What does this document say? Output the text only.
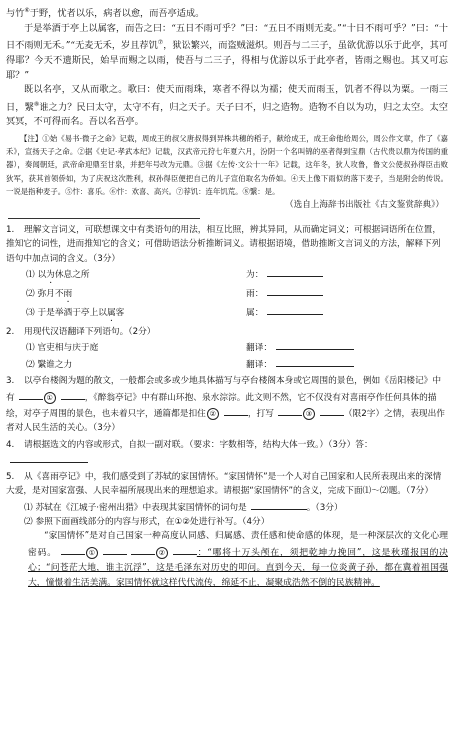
与竹⑥于野，忧者以乐，病者以愈，而吾亭适成。

于是举酒于亭上以属客，而告之曰：“五日不雨可乎？”曰：“五日不雨则无麦。”“十日不雨可乎？”曰：“十日不雨则无禾。”“无麦无禾，岁且荐饥⑦，狱讼繁兴，而盗贼滋炽。则吾与二三子，虽欲优游以乐于此亭，其可得耶？今天不遗斯民，始旱而赐之以雨，使吾与二三子，得相与优游以乐于此亭者，皆雨之赐也。其又可忘耶？”

既以名亭，又从而歌之。歌曰：使天而雨珠，寒者不得以为襦；使天而雨玉，饥者不得以为粟。一雨三日，繄⑧谁之力？民曰太守，太守不有，归之天子。天子曰不，归之造物。造物不自以为功，归之太空。太空冥冥，不可得而名。吾以名吾亭。

【注】①始《易书·微子之命》记载，周成王的叔父唐叔得到异株共穗的稻子，献给成王，成王命他给周公，周公作文章，作了《嘉禾》，宣扬天子之命。②据《史记·孝武本纪》记载，汉武帝元狩七年夏六月，汾阴一个名叫锦的巫者得到宝鼎（古代贵以鼎为传国的重器），奏闻朝廷，武帝命迎鼎至甘泉，并把年号改为元鼎。③据《左传·文公十一年》记载，这年冬，狄人攻鲁，鲁文公使叔孙得臣击败狄军，获其首领侨如，为了庆祝这次胜利，叔孙得臣便把自己的儿子宣伯取名为侨如。④天上像下雨似的落下麦子，当是附会的传说。一说是指种麦子。⑤忭：喜乐。⑥忭：欢喜、高兴。⑦荐饥：连年饥荒。⑧繄：是。

（选自上海辞书出版社《古文鉴赏辞典》）

1. 理解文言词义，可联想课文中有类语句的用法，相互比照，辨其异同，从而确定词义；可根据词语所在位置，推知它的词性，进而推知它的含义；可借助语法分析推断词义。请根据语境，借助推断文言词义的方法，解释下列语句中加点词的含义。（3分）

⑴ 以为休息之所	为：
⑵ 弥月不雨	雨：
⑶ 于是举酒于亭上以属客	属：

2. 用现代汉语翻译下列语句。（2分）

⑴ 官吏相与庆于庭	翻译：
⑵ 繄谁之力	翻译：

3. 以亭台楼阁为题的散文，一般都会或多或少地具体描写与亭台楼阁本身或它周围的景色，例如《岳阳楼记》中有	①	，《醉翁亭记》中有群山环抱、泉水淙淙。此文则不然，它不仅没有对喜雨亭作任何具体的描绘，对亭子周围的景色，也未着只字，通篇都是扣住 ②	，打写	③	（限2字）之情，表现出作者对人民生活的关心。（3分）

4. 请根据选文的内容或形式，自拟一副对联。（要求：字数相等，结构大体一致。）（3分）答：

5. 从《喜雨亭记》中，我们感受到了苏轼的家国情怀。“家国情怀”是一个人对自己国家和人民所表现出来的深情大爱，是对国家富强、人民幸福所展现出来的理想追求。请根据“家国情怀”的含义，完成下面⑴～⑵题。（7分）

⑴ 苏轼在《江城子·密州出猎》中表现其家国情怀的词句是	。（3分）

⑵ 参照下面画线部分的内容与形式，在①②处进行补写。（4分）

“家国情怀”是对自己国家一种高度认同感、归属感、责任感和使命感的体现，是一种深层次的文化心理密码。	①	②	：“哪将十万头颅在，须把乾坤力挽回”，这是秋瑾报国的决心；“问苍茫大地，谁主沉浮”，这是毛泽东对历史的叩问。直到今天，每一位炎黄子孙，都在冀着祖国强大，憧憬着生活美满。家国情怀就这样代代流传，绵延不止，凝聚成浩然不倒的民族精神。
